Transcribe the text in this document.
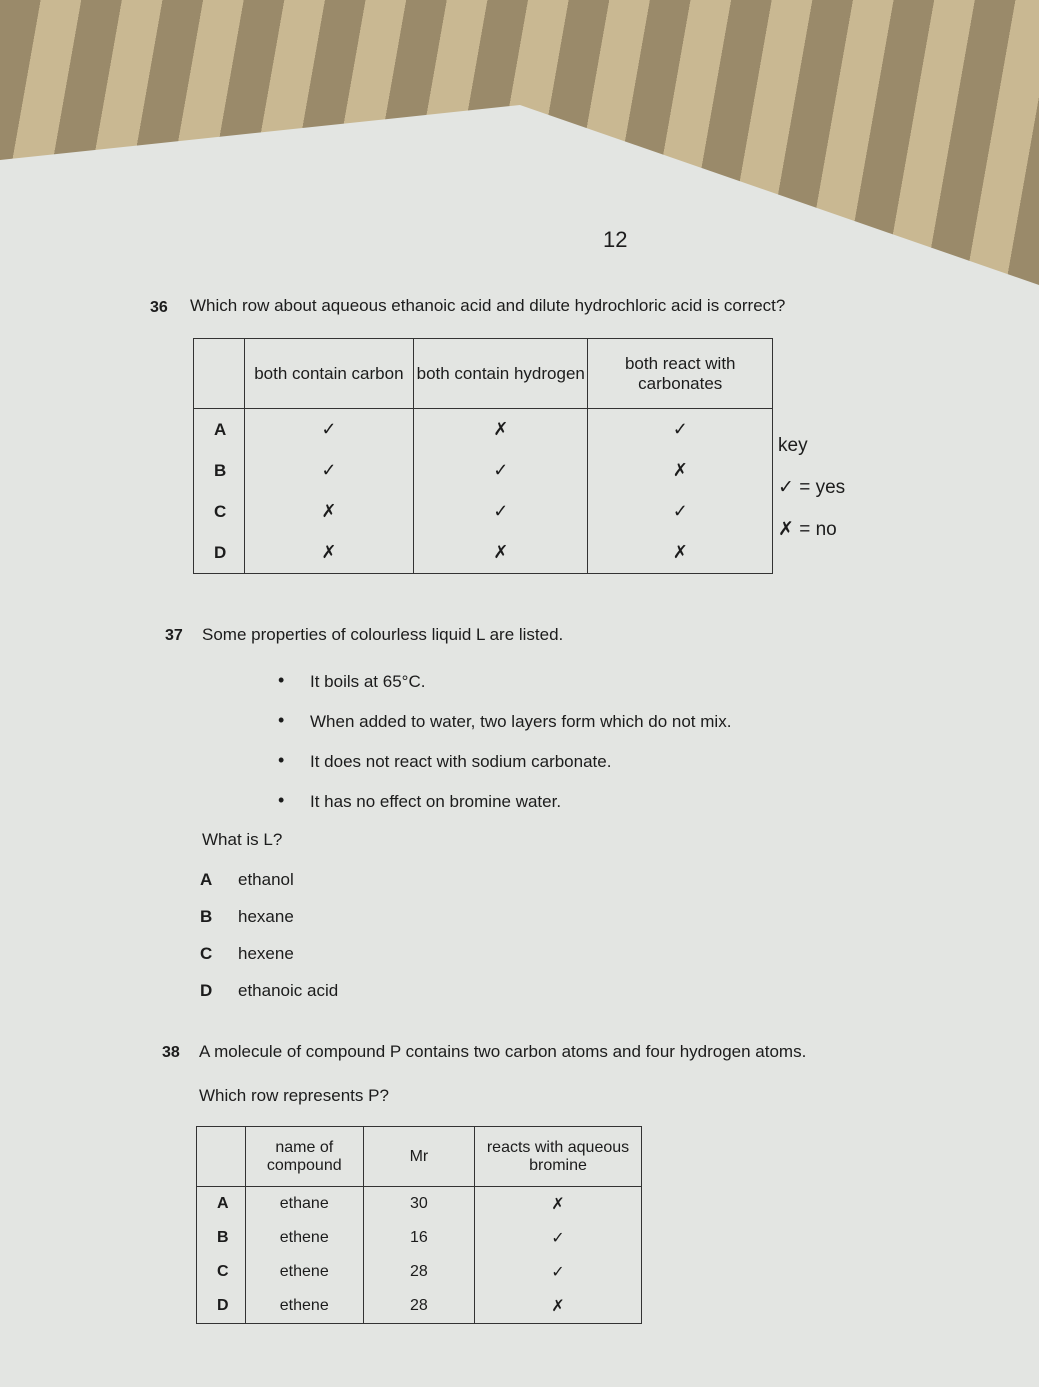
12
36 Which row about aqueous ethanoic acid and dilute hydrochloric acid is correct?
	both contain carbon	both contain hydrogen	both react with carbonates
A	✓	✗	✓
B	✓	✓	✗
C	✗	✓	✓
D	✗	✗	✗
key
✓ = yes
✗ = no
37 Some properties of colourless liquid L are listed.
• It boils at 65°C.
• When added to water, two layers form which do not mix.
• It does not react with sodium carbonate.
• It has no effect on bromine water.
What is L?
A	ethanol
B	hexane
C	hexene
D	ethanoic acid
38 A molecule of compound P contains two carbon atoms and four hydrogen atoms.
Which row represents P?
	name of compound	Mr	reacts with aqueous bromine
A	ethane	30	✗
B	ethene	16	✓
C	ethene	28	✓
D	ethene	28	✗
